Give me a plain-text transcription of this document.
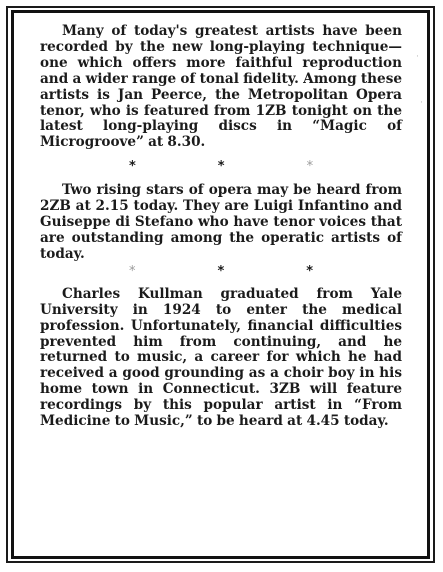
Many of today's greatest artists have been recorded by the new long-playing technique—one which offers more faithful reproduction and a wider range of tonal fidelity. Among these artists is Jan Peerce, the Metropolitan Opera tenor, who is featured from 1ZB tonight on the latest long-playing discs in “Magic of Microgroove” at 8.30.

*	*	*

Two rising stars of opera may be heard from 2ZB at 2.15 today. They are Luigi Infantino and Guiseppe di Stefano who have tenor voices that are outstanding among the operatic artists of today.

*	*	*

Charles Kullman graduated from Yale University in 1924 to enter the medical profession. Unfortunately, financial difficulties prevented him from continuing, and he returned to music, a career for which he had received a good grounding as a choir boy in his home town in Connecticut. 3ZB will feature recordings by this popular artist in “From Medicine to Music,” to be heard at 4.45 today.

·
·
